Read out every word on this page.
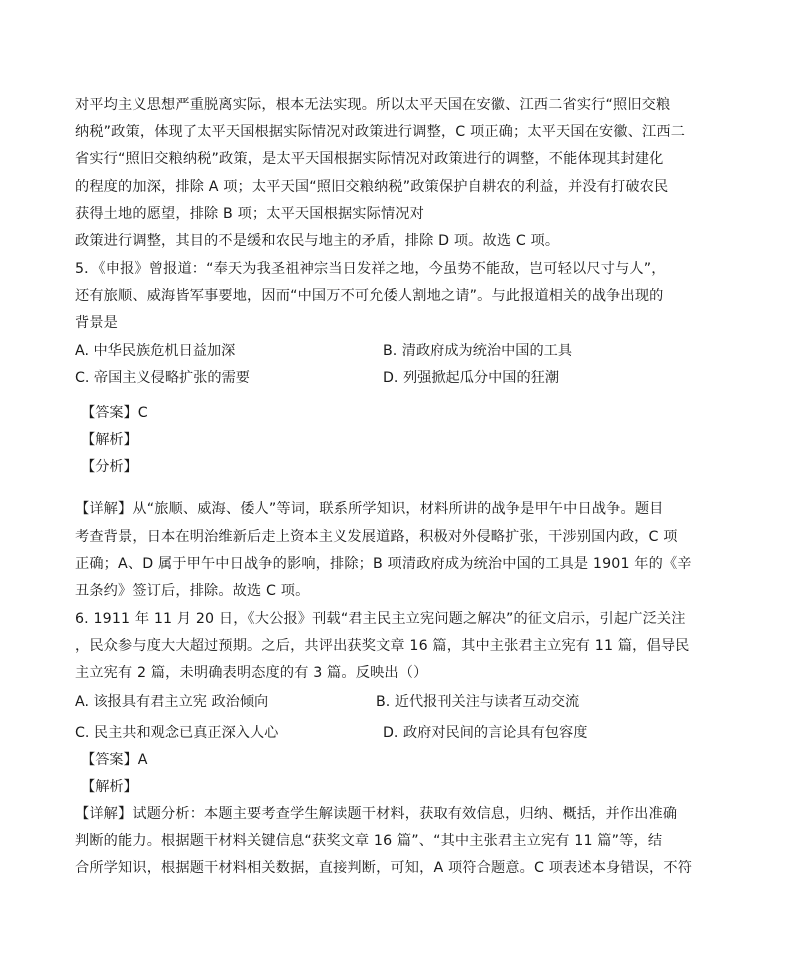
对平均主义思想严重脱离实际，根本无法实现。所以太平天国在安徽、江西二省实行“照旧交粮
纳税”政策，体现了太平天国根据实际情况对政策进行调整，C 项正确；太平天国在安徽、江西二
省实行“照旧交粮纳税”政策，是太平天国根据实际情况对政策进行的调整，不能体现其封建化
的程度的加深，排除 A 项；太平天国“照旧交粮纳税”政策保护自耕农的利益，并没有打破农民
获得土地的愿望，排除 B 项；太平天国根据实际情况对
政策进行调整，其目的不是缓和农民与地主的矛盾，排除 D 项。故选 C 项。
5．《申报》曾报道：“奉天为我圣祖神宗当日发祥之地，今虽势不能敌，岂可轻以尺寸与人”，
还有旅顺、威海皆军事要地，因而“中国万不可允倭人割地之请”。与此报道相关的战争出现的
背景是
A. 中华民族危机日益加深	B. 清政府成为统治中国的工具
C. 帝国主义侵略扩张的需要	D. 列强掀起瓜分中国的狂潮
【答案】C
【解析】
【分析】
【详解】从“旅顺、威海、倭人”等词，联系所学知识，材料所讲的战争是甲午中日战争。题目
考查背景，日本在明治维新后走上资本主义发展道路，积极对外侵略扩张，干涉别国内政，C 项
正确；A、D 属于甲午中日战争的影响，排除；B 项清政府成为统治中国的工具是 1901 年的《辛
丑条约》签订后，排除。故选 C 项。
6. 1911 年 11 月 20 日，《大公报》刊载“君主民主立宪问题之解决”的征文启示，引起广泛关注
，民众参与度大大超过预期。之后，共评出获奖文章 16 篇，其中主张君主立宪有 11 篇，倡导民
主立宪有 2 篇，未明确表明态度的有 3 篇。反映出（）
A. 该报具有君主立宪 政治倾向	B. 近代报刊关注与读者互动交流
C. 民主共和观念已真正深入人心	D. 政府对民间的言论具有包容度
【答案】A
【解析】
【详解】试题分析：本题主要考查学生解读题干材料，获取有效信息，归纳、概括，并作出准确
判断的能力。根据题干材料关键信息“获奖文章 16 篇”、“其中主张君主立宪有 11 篇”等，结
合所学知识，根据题干材料相关数据，直接判断，可知，A 项符合题意。C 项表述本身错误，不符
